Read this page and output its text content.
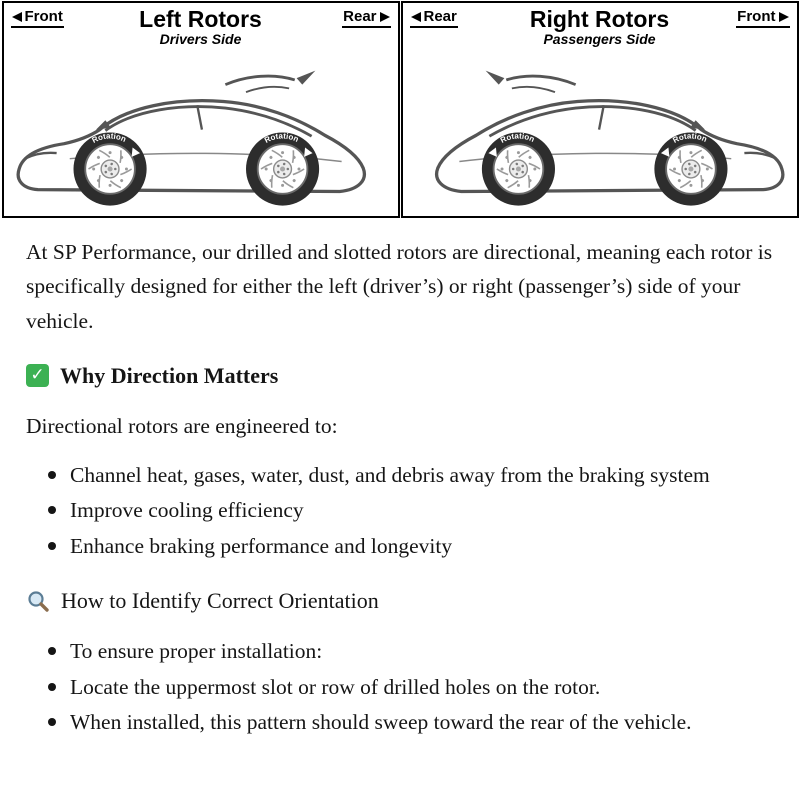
Front	Left Rotors
Drivers Side
Rear
Rotation	Rotation
Rear	Right Rotors
Passengers Side
Front
Rotation	Rotation

At SP Performance, our drilled and slotted rotors are directional, meaning each rotor is specifically designed for either the left (driver’s) or right (passenger’s) side of your vehicle.

✓ Why Direction Matters

Directional rotors are engineered to:

Channel heat, gases, water, dust, and debris away from the braking system
Improve cooling efficiency
Enhance braking performance and longevity
How to Identify Correct Orientation
To ensure proper installation:
Locate the uppermost slot or row of drilled holes on the rotor.
When installed, this pattern should sweep toward the rear of the vehicle.
